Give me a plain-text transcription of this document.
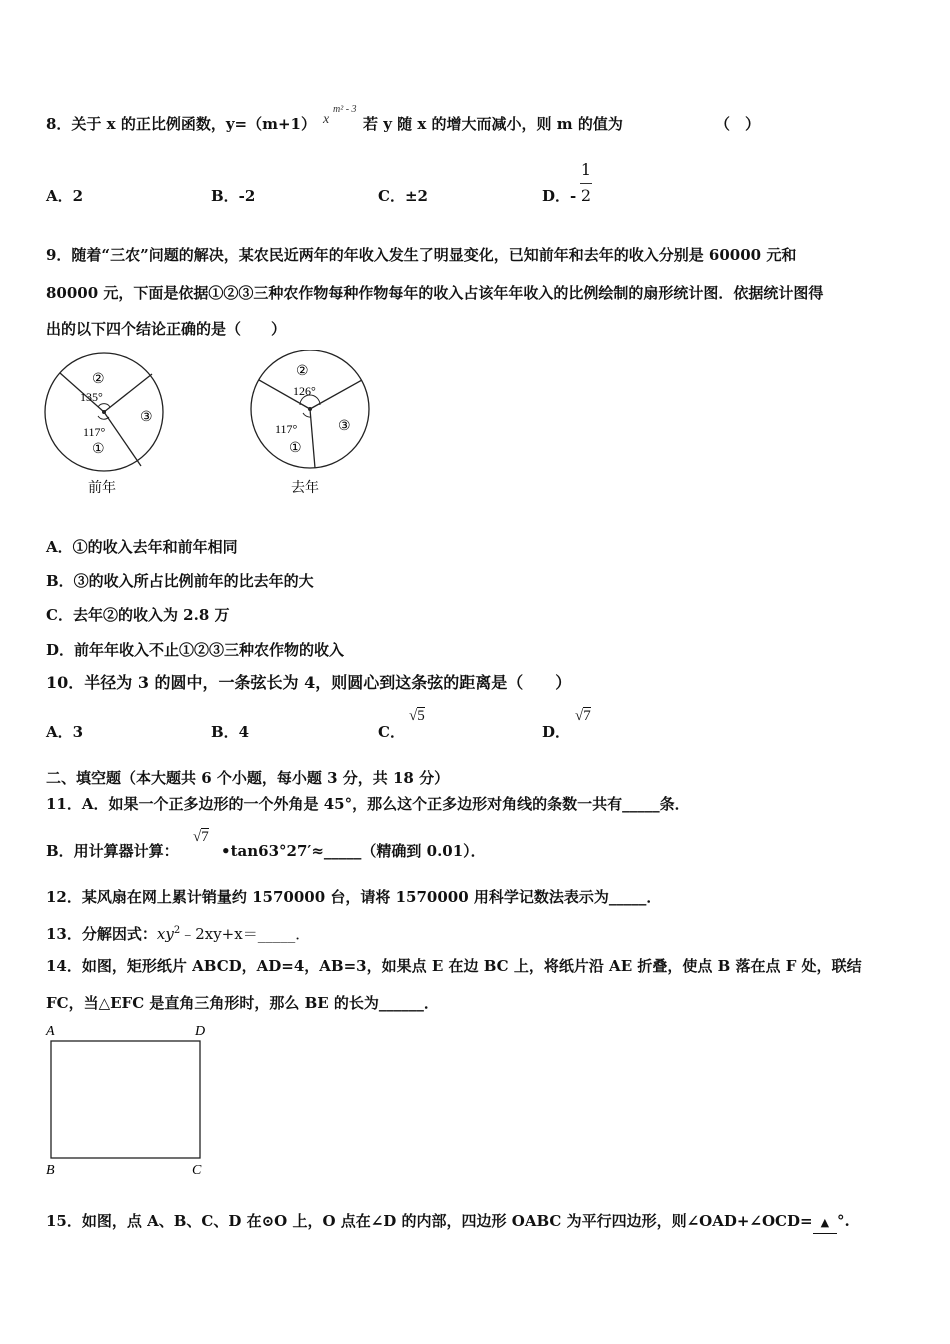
8．关于 x 的正比例函数，y=（m+1） x
m² - 3
若 y 随 x 的增大而减小，则 m 的值为	（　）
A．2	B．-2	C．±2	D．-
1
2
9．随着“三农”问题的解决，某农民近两年的年收入发生了明显变化，已知前年和去年的收入分别是 60000 元和
80000 元，下面是依据①②③三种农作物每种作物每年的收入占该年年收入的比例绘制的扇形统计图．依据统计图得
出的以下四个结论正确的是（　　）
②
135°
117°
①
③
前年
②
126°
117°
①
③
去年
A．①的收入去年和前年相同
B．③的收入所占比例前年的比去年的大
C．去年②的收入为 2.8 万
D．前年年收入不止①②③三种农作物的收入
10．半径为 3 的圆中，一条弦长为 4，则圆心到这条弦的距离是（　　）
A．3	B．4	C．
√5
D．
√7
二、填空题（本大题共 6 个小题，每小题 3 分，共 18 分）
11．A．如果一个正多边形的一个外角是 45°，那么这个正多边形对角线的条数一共有_____条．
B．用计算器计算：
√7
•tan63°27′≈_____（精确到 0.01）．
12．某风扇在网上累计销量约 1570000 台，请将 1570000 用科学记数法表示为_____．
13．分解因式：$xy^2﹣2xy+x=\_\_\_\_\_$．
14．如图，矩形纸片 ABCD，AD=4，AB=3，如果点 E 在边 BC 上，将纸片沿 AE 折叠，使点 B 落在点 F 处，联结
FC，当△EFC 是直角三角形时，那么 BE 的长为______．
A	D
B	C
15．如图，点 A、B、C、D 在⊙O 上，O 点在∠D 的内部，四边形 OABC 为平行四边形，则∠OAD+∠OCD= ▲ °.
